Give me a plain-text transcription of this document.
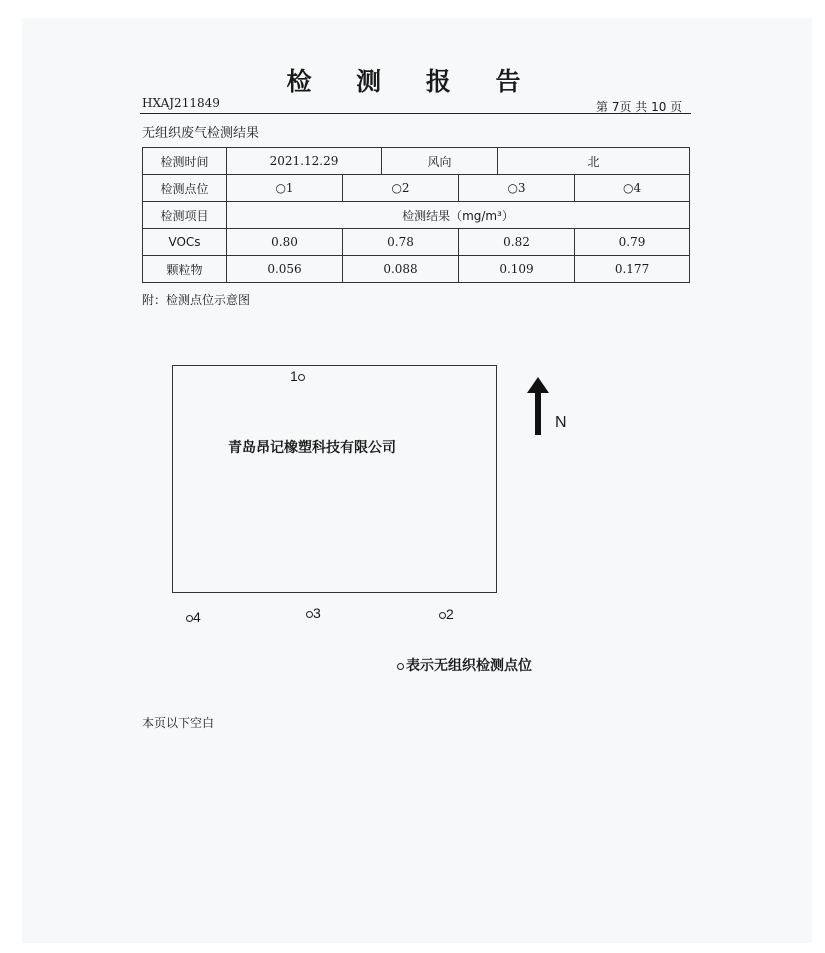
检 测 报 告
HXAJ211849	第 7页 共 10 页
无组织废气检测结果
检测时间	2021.12.29		风向		北	
检测点位	○1	○2		○3		○4
检测项目	检测结果（mg/m³）					
VOCs	0.80	0.78		0.82		0.79
颗粒物	0.056	0.088		0.109		0.177
附：检测点位示意图
青岛昂记橡塑科技有限公司
1
4	3	2
N
表示无组织检测点位
本页以下空白
